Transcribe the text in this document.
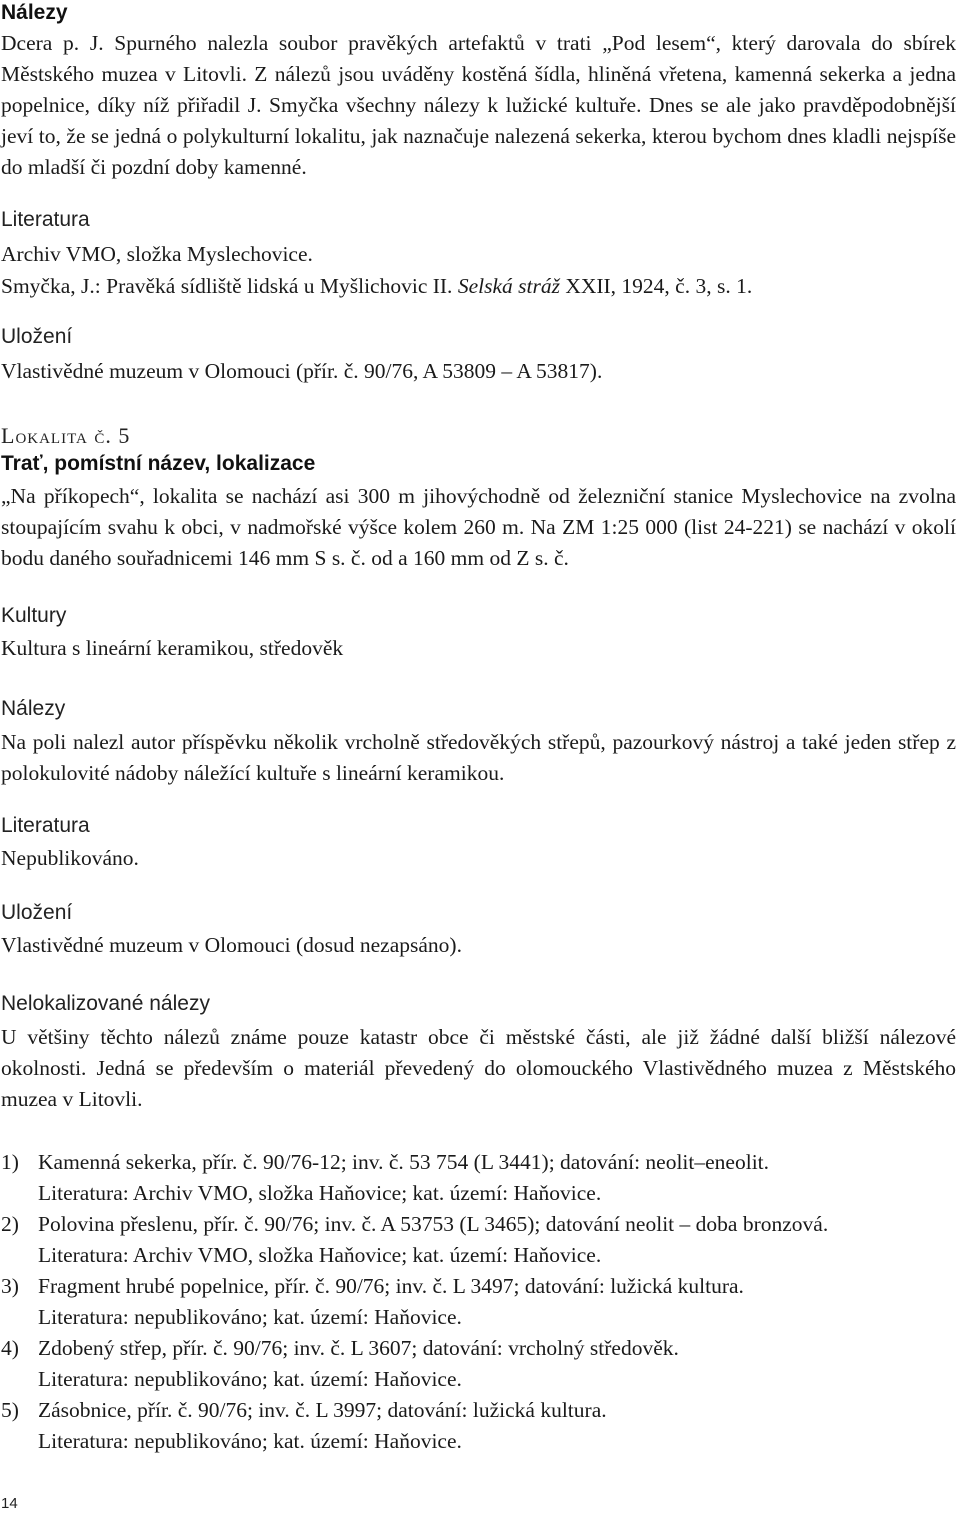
Nálezy

Dcera p. J. Spurného nalezla soubor pravěkých artefaktů v trati „Pod lesem“, který darovala do sbírek Městského muzea v Litovli. Z nálezů jsou uváděny kostěná šídla, hliněná vřetena, kamenná sekerka a jedna popelnice, díky níž přiřadil J. Smyčka všechny nálezy k lužické kultuře. Dnes se ale jako pravděpodobnější jeví to, že se jedná o polykulturní lokalitu, jak naznačuje nalezená sekerka, kterou bychom dnes kladli nejspíše do mladší či pozdní doby kamenné.

Literatura

Archiv VMO, složka Myslechovice.

Smyčka, J.: Pravěká sídliště lidská u Myšlichovic II. Selská stráž XXII, 1924, č. 3, s. 1.

Uložení

Vlastivědné muzeum v Olomouci (přír. č. 90/76, A 53809 – A 53817).

Lokalita č. 5
Trať, pomístní název, lokalizace

„Na příkopech“, lokalita se nachází asi 300 m jihovýchodně od železniční stanice Myslechovice na zvolna stoupajícím svahu k obci, v nadmořské výšce kolem 260 m. Na ZM 1:25 000 (list 24-221) se nachází v okolí bodu daného souřadnicemi 146 mm S s. č. od a 160 mm od Z s. č.

Kultury

Kultura s lineární keramikou, středověk

Nálezy

Na poli nalezl autor příspěvku několik vrcholně středověkých střepů, pazourkový nástroj a také jeden střep z polokulovité nádoby náležící kultuře s lineární keramikou.

Literatura

Nepublikováno.

Uložení

Vlastivědné muzeum v Olomouci (dosud nezapsáno).

Nelokalizované nálezy

U většiny těchto nálezů známe pouze katastr obce či městské části, ale již žádné další bližší nálezové okolnosti. Jedná se především o materiál převedený do olomouckého Vlastivědného muzea z Městského muzea v Litovli.

1) Kamenná sekerka, přír. č. 90/76-12; inv. č. 53 754 (L 3441); datování: neolit–eneolit.
Literatura: Archiv VMO, složka Haňovice; kat. území: Haňovice.
2) Polovina přeslenu, přír. č. 90/76; inv. č. A 53753 (L 3465); datování neolit – doba bronzová.
Literatura: Archiv VMO, složka Haňovice; kat. území: Haňovice.
3) Fragment hrubé popelnice, přír. č. 90/76; inv. č. L 3497; datování: lužická kultura.
Literatura: nepublikováno; kat. území: Haňovice.
4) Zdobený střep, přír. č. 90/76; inv. č. L 3607; datování: vrcholný středověk.
Literatura: nepublikováno; kat. území: Haňovice.
5) Zásobnice, přír. č. 90/76; inv. č. L 3997; datování: lužická kultura.
Literatura: nepublikováno; kat. území: Haňovice.
14
